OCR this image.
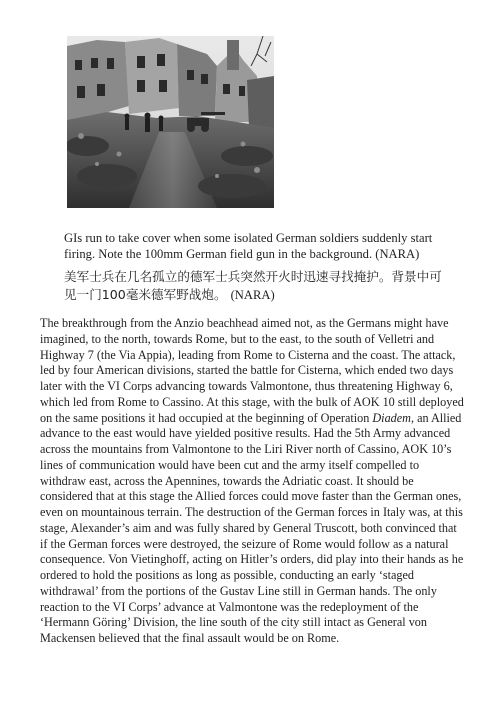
GIs run to take cover when some isolated German soldiers suddenly start firing. Note the 100mm German field gun in the background. (NARA)

美军士兵在几名孤立的德军士兵突然开火时迅速寻找掩护。背景中可见一门100毫米德军野战炮。 (NARA)

The breakthrough from the Anzio beachhead aimed not, as the Germans might have imagined, to the north, towards Rome, but to the east, to the south of Velletri and Highway 7 (the Via Appia), leading from Rome to Cisterna and the coast. The attack, led by four American divisions, started the battle for Cisterna, which ended two days later with the VI Corps advancing towards Valmontone, thus threatening Highway 6, which led from Rome to Cassino. At this stage, with the bulk of AOK 10 still deployed on the same positions it had occupied at the beginning of Operation Diadem, an Allied advance to the east would have yielded positive results. Had the 5th Army advanced across the mountains from Valmontone to the Liri River north of Cassino, AOK 10’s lines of communication would have been cut and the army itself compelled to withdraw east, across the Apennines, towards the Adriatic coast. It should be considered that at this stage the Allied forces could move faster than the German ones, even on mountainous terrain. The destruction of the German forces in Italy was, at this stage, Alexander’s aim and was fully shared by General Truscott, both convinced that if the German forces were destroyed, the seizure of Rome would follow as a natural consequence. Von Vietinghoff, acting on Hitler’s orders, did play into their hands as he ordered to hold the positions as long as possible, conducting an early ‘staged withdrawal’ from the portions of the Gustav Line still in German hands. The only reaction to the VI Corps’ advance at Valmontone was the redeployment of the ‘Hermann Göring’ Division, the line south of the city still intact as General von Mackensen believed that the final assault would be on Rome.
